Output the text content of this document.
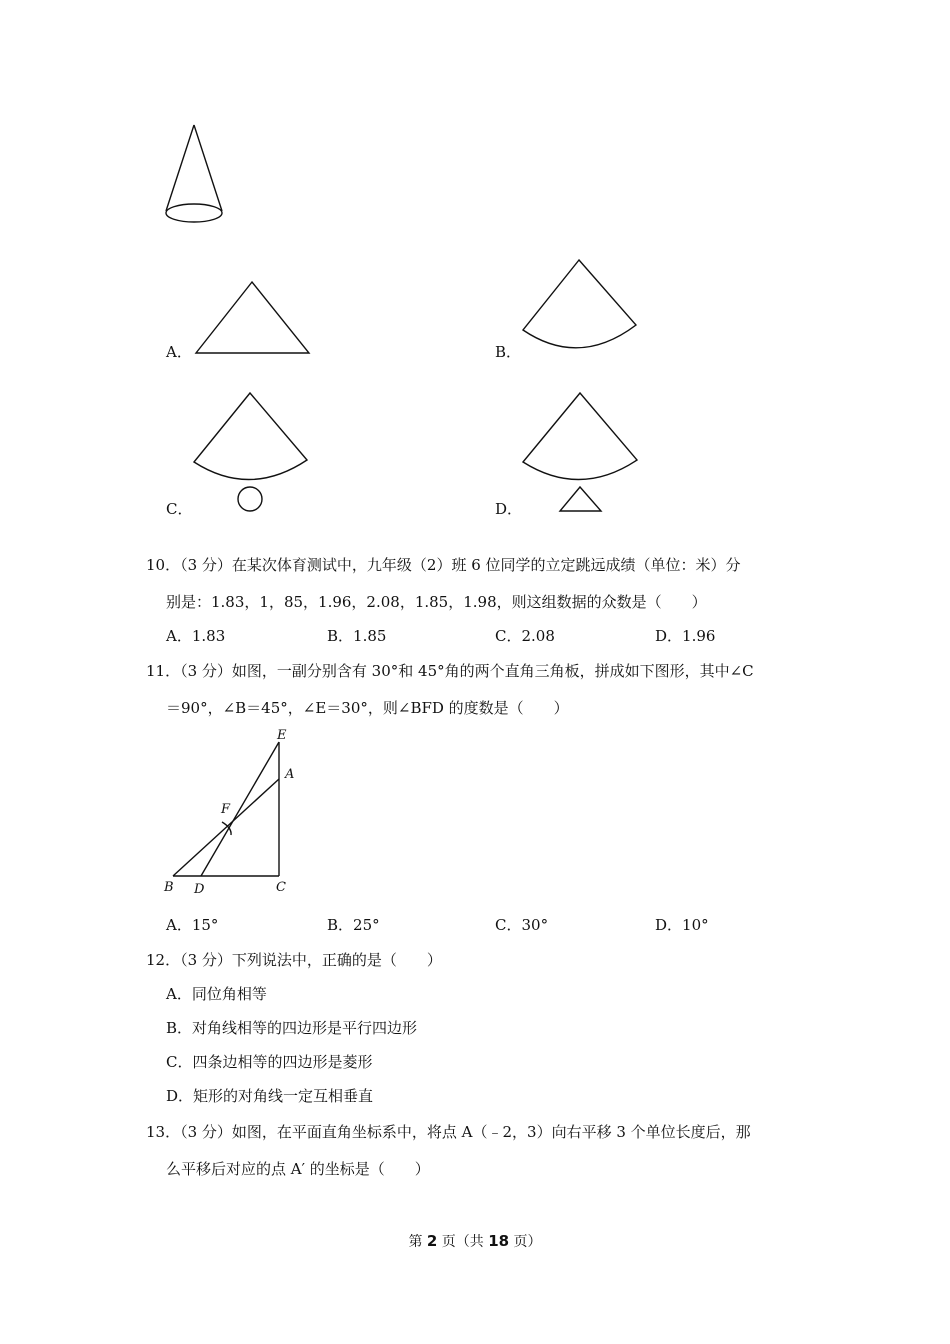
A．	B．
C．	D．
10．（3 分）在某次体育测试中，九年级（2）班 6 位同学的立定跳远成绩（单位：米）分
别是：1.83，1，85，1.96，2.08，1.85，1.98，则这组数据的众数是（　　）
A．1.83	B．1.85	C．2.08	D．1.96
11．（3 分）如图，一副分别含有 30°和 45°角的两个直角三角板，拼成如下图形，其中∠C
＝90°，∠B＝45°，∠E＝30°，则∠BFD 的度数是（　　）
E
A
F
B D	C
A．15°	B．25°	C．30°	D．10°
12．（3 分）下列说法中，正确的是（　　）
A．同位角相等
B．对角线相等的四边形是平行四边形
C．四条边相等的四边形是菱形
D．矩形的对角线一定互相垂直
13．（3 分）如图，在平面直角坐标系中，将点 A（﹣2，3）向右平移 3 个单位长度后，那
么平移后对应的点 A′ 的坐标是（　　）
第 2 页（共 18 页）
